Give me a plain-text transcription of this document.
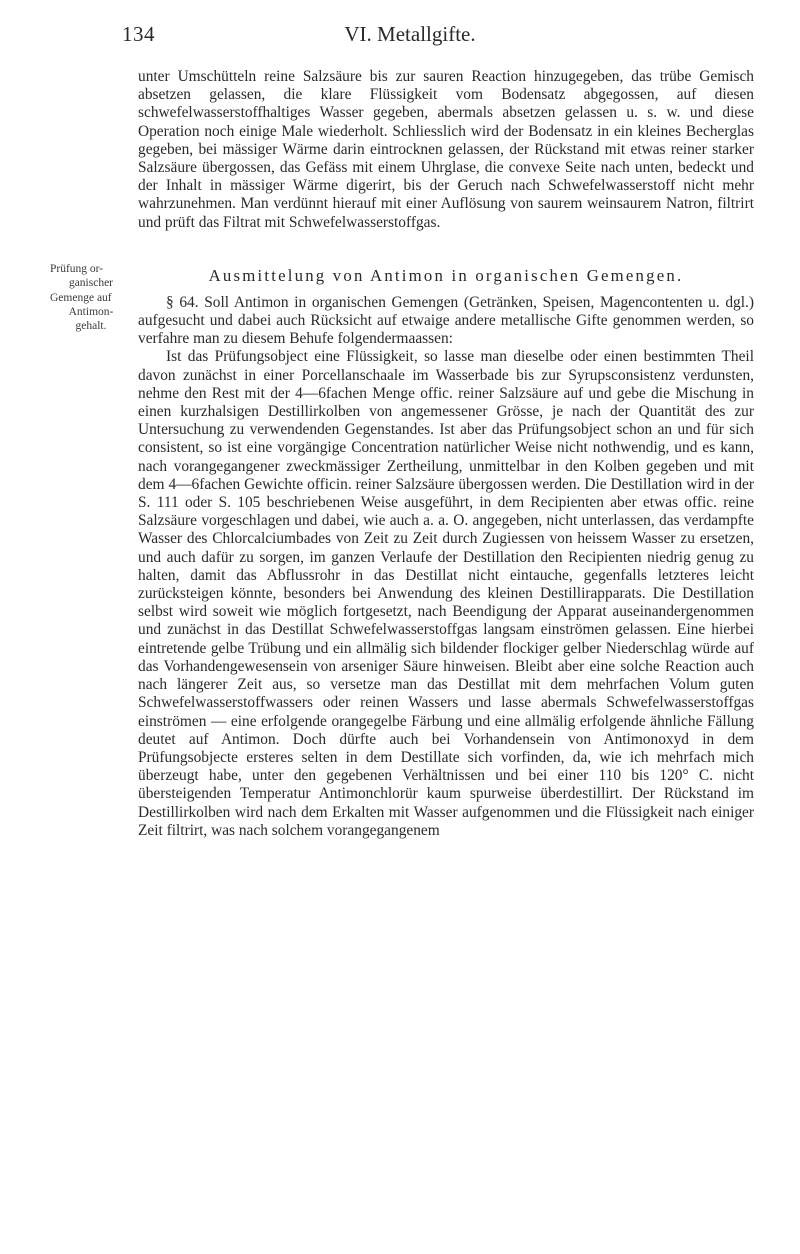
VI. Metallgifte.
134
Prüfung or-
ganischer
Gemenge auf
Antimon-
gehalt.

unter Umschütteln reine Salzsäure bis zur sauren Reaction hinzugegeben, das trübe Gemisch absetzen gelassen, die klare Flüssigkeit vom Bodensatz abgegossen, auf diesen schwefelwasserstoffhaltiges Wasser gegeben, abermals absetzen gelassen u. s. w. und diese Operation noch einige Male wiederholt. Schliesslich wird der Bodensatz in ein kleines Becherglas gegeben, bei mässiger Wärme darin eintrocknen gelassen, der Rückstand mit etwas reiner starker Salzsäure übergossen, das Gefäss mit einem Uhrglase, die convexe Seite nach unten, bedeckt und der Inhalt in mässiger Wärme digerirt, bis der Geruch nach Schwefelwasserstoff nicht mehr wahrzunehmen. Man verdünnt hierauf mit einer Auflösung von saurem weinsaurem Natron, filtrirt und prüft das Filtrat mit Schwefelwasserstoffgas.

Ausmittelung von Antimon in organischen Gemengen.

§ 64. Soll Antimon in organischen Gemengen (Getränken, Speisen, Magencontenten u. dgl.) aufgesucht und dabei auch Rücksicht auf etwaige andere metallische Gifte genommen werden, so verfahre man zu diesem Behufe folgendermaassen:

Ist das Prüfungsobject eine Flüssigkeit, so lasse man dieselbe oder einen bestimmten Theil davon zunächst in einer Porcellanschaale im Wasserbade bis zur Syrupsconsistenz verdunsten, nehme den Rest mit der 4—6fachen Menge offic. reiner Salzsäure auf und gebe die Mischung in einen kurzhalsigen Destillirkolben von angemessener Grösse, je nach der Quantität des zur Untersuchung zu verwendenden Gegenstandes. Ist aber das Prüfungsobject schon an und für sich consistent, so ist eine vorgängige Concentration natürlicher Weise nicht nothwendig, und es kann, nach vorangegangener zweckmässiger Zertheilung, unmittelbar in den Kolben gegeben und mit dem 4—6fachen Gewichte officin. reiner Salzsäure übergossen werden. Die Destillation wird in der S. 111 oder S. 105 beschriebenen Weise ausgeführt, in dem Recipienten aber etwas offic. reine Salzsäure vorgeschlagen und dabei, wie auch a. a. O. angegeben, nicht unterlassen, das verdampfte Wasser des Chlorcalciumbades von Zeit zu Zeit durch Zugiessen von heissem Wasser zu ersetzen, und auch dafür zu sorgen, im ganzen Verlaufe der Destillation den Recipienten niedrig genug zu halten, damit das Abflussrohr in das Destillat nicht eintauche, gegenfalls letzteres leicht zurücksteigen könnte, besonders bei Anwendung des kleinen Destillirapparats. Die Destillation selbst wird soweit wie möglich fortgesetzt, nach Beendigung der Apparat auseinandergenommen und zunächst in das Destillat Schwefelwasserstoffgas langsam einströmen gelassen. Eine hierbei eintretende gelbe Trübung und ein allmälig sich bildender flockiger gelber Niederschlag würde auf das Vorhandengewesensein von arseniger Säure hinweisen. Bleibt aber eine solche Reaction auch nach längerer Zeit aus, so versetze man das Destillat mit dem mehrfachen Volum guten Schwefelwasserstoffwassers oder reinen Wassers und lasse abermals Schwefelwasserstoffgas einströmen — eine erfolgende orangegelbe Färbung und eine allmälig erfolgende ähnliche Fällung deutet auf Antimon. Doch dürfte auch bei Vorhandensein von Antimonoxyd in dem Prüfungsobjecte ersteres selten in dem Destillate sich vorfinden, da, wie ich mehrfach mich überzeugt habe, unter den gegebenen Verhältnissen und bei einer 110 bis 120° C. nicht übersteigenden Temperatur Antimonchlorür kaum spurweise überdestillirt. Der Rückstand im Destillirkolben wird nach dem Erkalten mit Wasser aufgenommen und die Flüssigkeit nach einiger Zeit filtrirt, was nach solchem vorangegangenem
